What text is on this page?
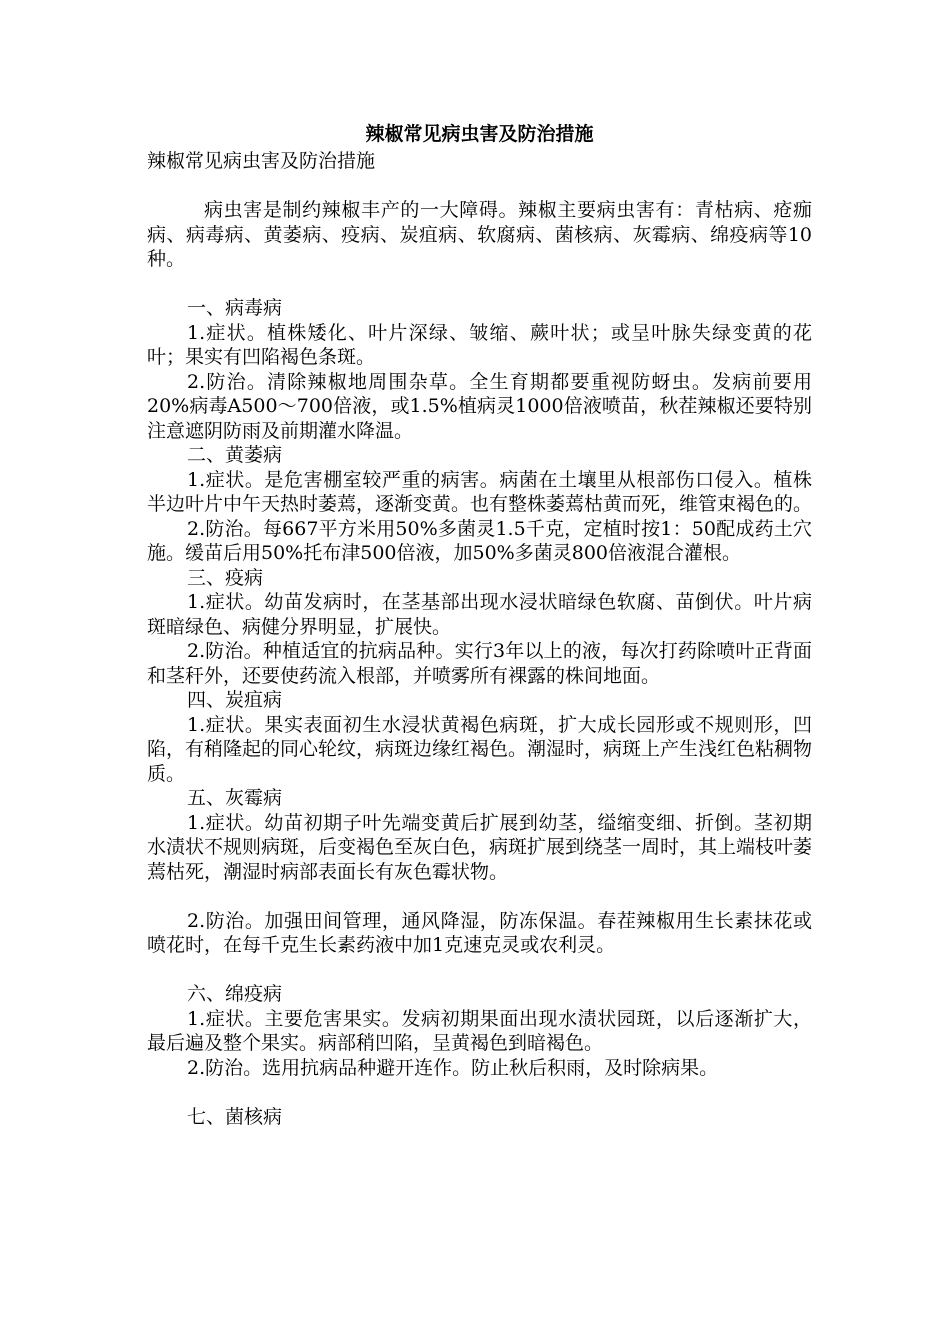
辣椒常见病虫害及防治措施

辣椒常见病虫害及防治措施

病虫害是制约辣椒丰产的一大障碍。辣椒主要病虫害有：青枯病、疮痂病、病毒病、黄萎病、疫病、炭疽病、软腐病、菌核病、灰霉病、绵疫病等10种。

一、病毒病

1.症状。植株矮化、叶片深绿、皱缩、蕨叶状；或呈叶脉失绿变黄的花叶；果实有凹陷褐色条斑。

2.防治。清除辣椒地周围杂草。全生育期都要重视防蚜虫。发病前要用20%病毒A500～700倍液，或1.5%植病灵1000倍液喷苗，秋茬辣椒还要特别注意遮阴防雨及前期灌水降温。

二、黄萎病

1.症状。是危害棚室较严重的病害。病菌在土壤里从根部伤口侵入。植株半边叶片中午天热时萎蔫，逐渐变黄。也有整株萎蔫枯黄而死，维管束褐色的。

2.防治。每667平方米用50%多菌灵1.5千克，定植时按1：50配成药土穴施。缓苗后用50%托布津500倍液，加50%多菌灵800倍液混合灌根。

三、疫病

1.症状。幼苗发病时，在茎基部出现水浸状暗绿色软腐、苗倒伏。叶片病斑暗绿色、病健分界明显，扩展快。

2.防治。种植适宜的抗病品种。实行3年以上的液，每次打药除喷叶正背面和茎秆外，还要使药流入根部，并喷雾所有裸露的株间地面。

四、炭疽病

1.症状。果实表面初生水浸状黄褐色病斑，扩大成长园形或不规则形，凹陷，有稍隆起的同心轮纹，病斑边缘红褐色。潮湿时，病斑上产生浅红色粘稠物质。

五、灰霉病

1.症状。幼苗初期子叶先端变黄后扩展到幼茎，缢缩变细、折倒。茎初期水渍状不规则病斑，后变褐色至灰白色，病斑扩展到绕茎一周时，其上端枝叶萎蔫枯死，潮湿时病部表面长有灰色霉状物。

2.防治。加强田间管理，通风降湿，防冻保温。春茬辣椒用生长素抹花或喷花时，在每千克生长素药液中加1克速克灵或农利灵。

六、绵疫病

1.症状。主要危害果实。发病初期果面出现水渍状园斑，以后逐渐扩大，最后遍及整个果实。病部稍凹陷，呈黄褐色到暗褐色。

2.防治。选用抗病品种避开连作。防止秋后积雨，及时除病果。

七、菌核病
